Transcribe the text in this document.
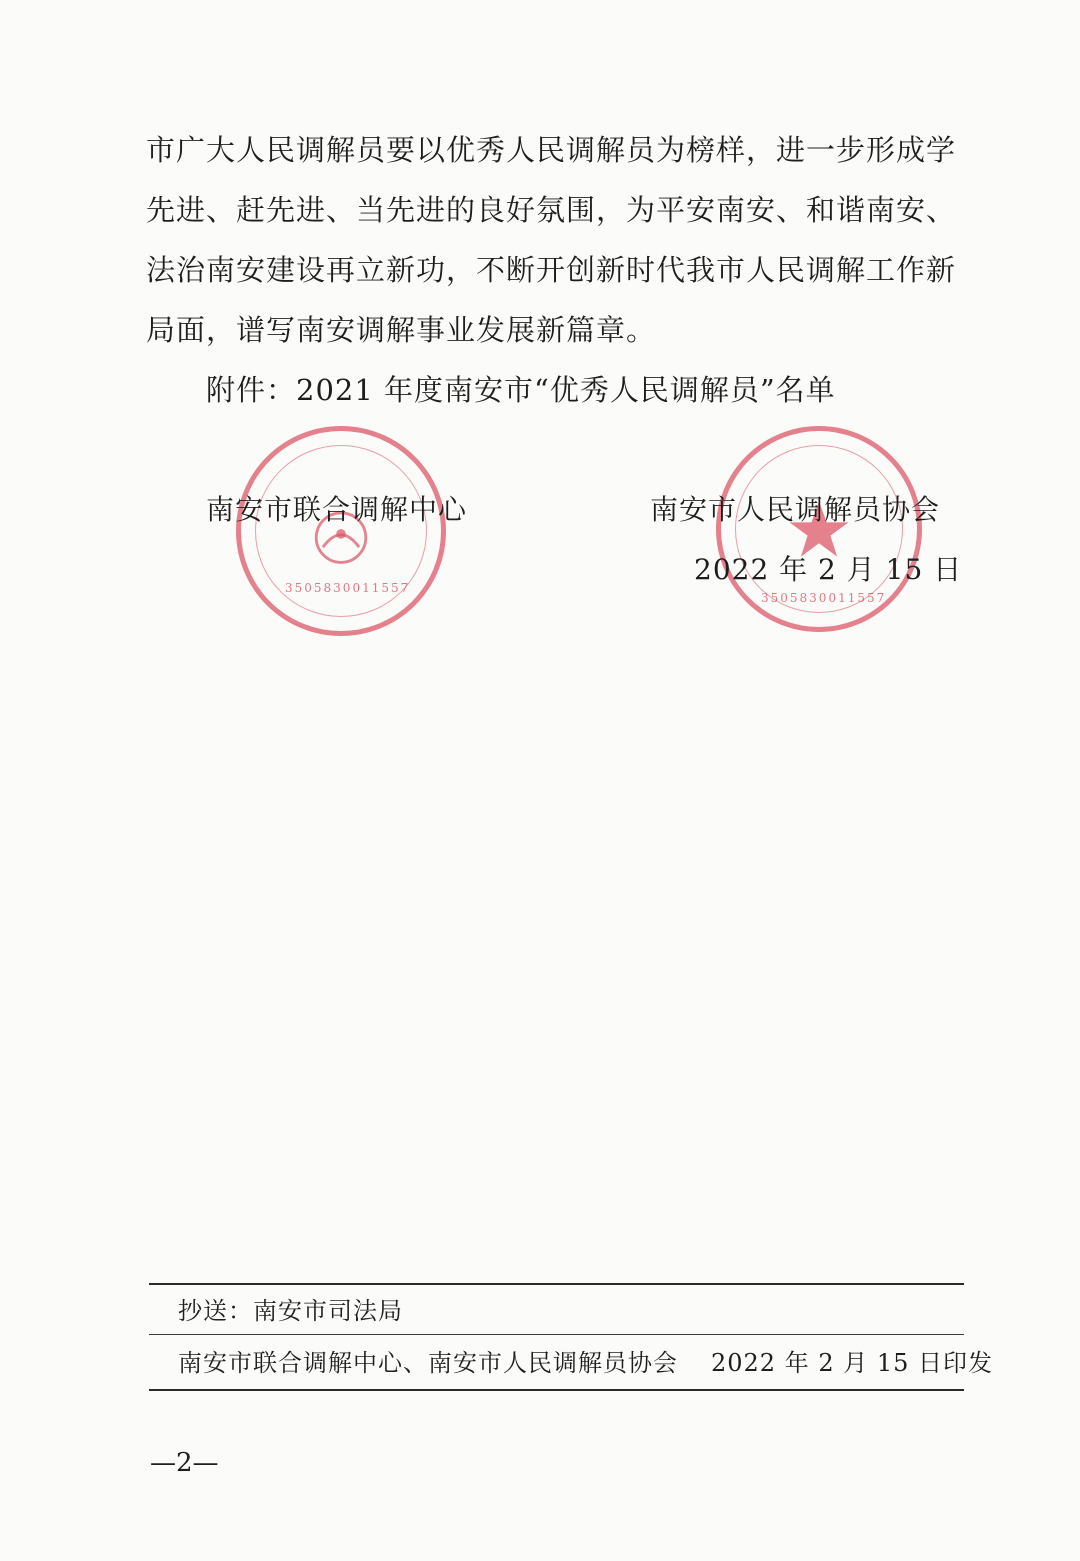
市广大人民调解员要以优秀人民调解员为榜样，进一步形成学
先进、赶先进、当先进的良好氛围，为平安南安、和谐南安、
法治南安建设再立新功，不断开创新时代我市人民调解工作新
局面，谱写南安调解事业发展新篇章。
附件：2021 年度南安市“优秀人民调解员”名单
3505830011557
3505830011557
南安市联合调解中心	南安市人民调解员协会
2022 年 2 月 15 日
抄送：南安市司法局
南安市联合调解中心、南安市人民调解员协会 2022 年 2 月 15 日印发
—2—
